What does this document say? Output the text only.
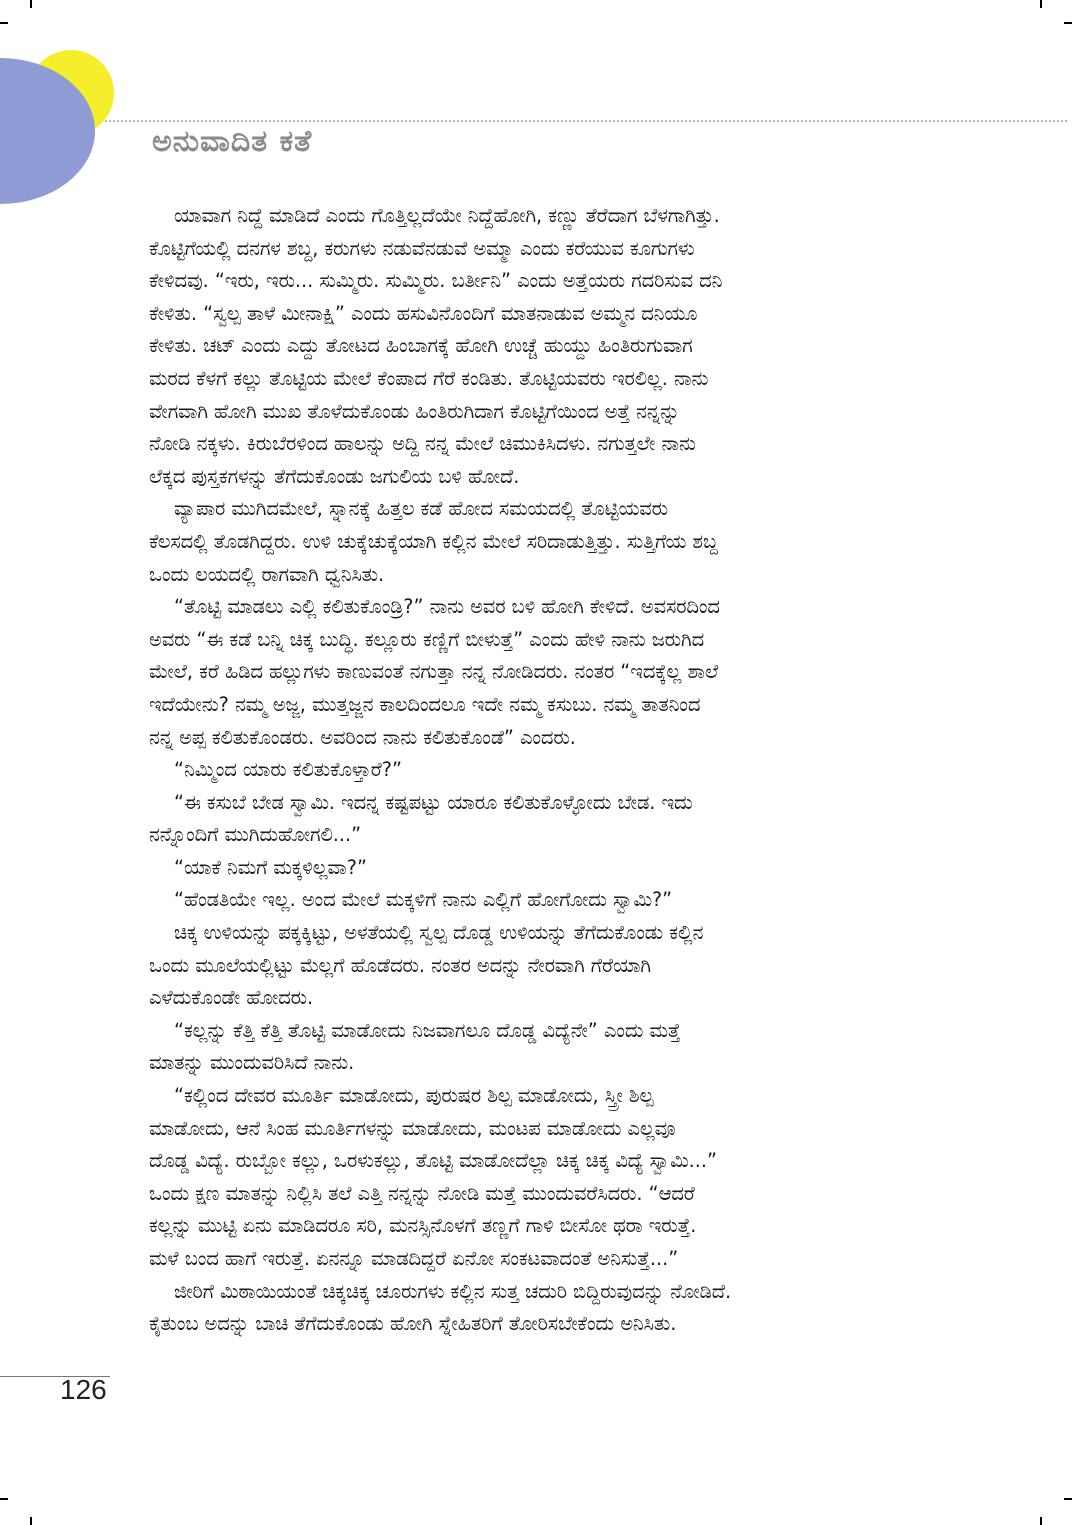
ಅನುವಾದಿತ ಕತೆ
ಯಾವಾಗ ನಿದ್ದೆ ಮಾಡಿದೆ ಎಂದು ಗೊತ್ತಿಲ್ಲದೆಯೇ ನಿದ್ದೆಹೋಗಿ, ಕಣ್ಣು ತೆರೆದಾಗ ಬೆಳಗಾಗಿತ್ತು.
ಕೊಟ್ಟಿಗೆಯಲ್ಲಿ ದನಗಳ ಶಬ್ದ, ಕರುಗಳು ನಡುವೆನಡುವೆ ಅಮ್ಮಾ ಎಂದು ಕರೆಯುವ ಕೂಗುಗಳು
ಕೇಳಿದವು. “ಇರು, ಇರು... ಸುಮ್ಮಿರು. ಸುಮ್ಮಿರು. ಬರ್ತೀನಿ” ಎಂದು ಅತ್ತೆಯರು ಗದರಿಸುವ ದನಿ
ಕೇಳಿತು. “ಸ್ವಲ್ಪ ತಾಳೆ ಮೀನಾಕ್ಷಿ” ಎಂದು ಹಸುವಿನೊಂದಿಗೆ ಮಾತನಾಡುವ ಅಮ್ಮನ ದನಿಯೂ
ಕೇಳಿತು. ಚಟ್ ಎಂದು ಎದ್ದು ತೋಟದ ಹಿಂಬಾಗಕ್ಕೆ ಹೋಗಿ ಉಚ್ಚೆ ಹುಯ್ದು ಹಿಂತಿರುಗುವಾಗ
ಮರದ ಕೆಳಗೆ ಕಲ್ಲು ತೊಟ್ಟಿಯ ಮೇಲೆ ಕೆಂಪಾದ ಗೆರೆ ಕಂಡಿತು. ತೊಟ್ಟಿಯವರು ಇರಲಿಲ್ಲ. ನಾನು
ವೇಗವಾಗಿ ಹೋಗಿ ಮುಖ ತೊಳೆದುಕೊಂಡು ಹಿಂತಿರುಗಿದಾಗ ಕೊಟ್ಟಿಗೆಯಿಂದ ಅತ್ತೆ ನನ್ನನ್ನು
ನೋಡಿ ನಕ್ಕಳು. ಕಿರುಬೆರಳಿಂದ ಹಾಲನ್ನು ಅದ್ದಿ ನನ್ನ ಮೇಲೆ ಚಿಮುಕಿಸಿದಳು. ನಗುತ್ತಲೇ ನಾನು
ಲೆಕ್ಕದ ಪುಸ್ತಕಗಳನ್ನು ತೆಗೆದುಕೊಂಡು ಜಗುಲಿಯ ಬಳಿ ಹೋದೆ.
ವ್ಯಾಪಾರ ಮುಗಿದಮೇಲೆ, ಸ್ನಾನಕ್ಕೆ ಹಿತ್ತಲ ಕಡೆ ಹೋದ ಸಮಯದಲ್ಲಿ ತೊಟ್ಟಿಯವರು
ಕೆಲಸದಲ್ಲಿ ತೊಡಗಿದ್ದರು. ಉಳಿ ಚುಕ್ಕೆಚುಕ್ಕೆಯಾಗಿ ಕಲ್ಲಿನ ಮೇಲೆ ಸರಿದಾಡುತ್ತಿತ್ತು. ಸುತ್ತಿಗೆಯ ಶಬ್ದ
ಒಂದು ಲಯದಲ್ಲಿ ರಾಗವಾಗಿ ಧ್ವನಿಸಿತು.
“ತೊಟ್ಟಿ ಮಾಡಲು ಎಲ್ಲಿ ಕಲಿತುಕೊಂಡ್ರಿ?” ನಾನು ಅವರ ಬಳಿ ಹೋಗಿ ಕೇಳಿದೆ. ಅವಸರದಿಂದ
ಅವರು “ಈ ಕಡೆ ಬನ್ನಿ ಚಿಕ್ಕ ಬುದ್ಧಿ. ಕಲ್ಲೂರು ಕಣ್ಣಿಗೆ ಬೀಳುತ್ತೆ” ಎಂದು ಹೇಳಿ ನಾನು ಜರುಗಿದ
ಮೇಲೆ, ಕರೆ ಹಿಡಿದ ಹಲ್ಲುಗಳು ಕಾಣುವಂತೆ ನಗುತ್ತಾ ನನ್ನ ನೋಡಿದರು. ನಂತರ “ಇದಕ್ಕೆಲ್ಲ ಶಾಲೆ
ಇದೆಯೇನು? ನಮ್ಮ ಅಜ್ಜ, ಮುತ್ತಜ್ಜನ ಕಾಲದಿಂದಲೂ ಇದೇ ನಮ್ಮ ಕಸುಬು. ನಮ್ಮ ತಾತನಿಂದ
ನನ್ನ ಅಪ್ಪ ಕಲಿತುಕೊಂಡರು. ಅವರಿಂದ ನಾನು ಕಲಿತುಕೊಂಡೆ” ಎಂದರು.
“ನಿಮ್ಮಿಂದ ಯಾರು ಕಲಿತುಕೊಳ್ತಾರೆ?”
“ಈ ಕಸುಬೆ ಬೇಡ ಸ್ವಾಮಿ. ಇದನ್ನ ಕಷ್ಟಪಟ್ಟು ಯಾರೂ ಕಲಿತುಕೊಳ್ಳೋದು ಬೇಡ. ಇದು
ನನ್ನೊಂದಿಗೆ ಮುಗಿದುಹೋಗಲಿ...”
“ಯಾಕೆ ನಿಮಗೆ ಮಕ್ಕಳಿಲ್ಲವಾ?”
“ಹೆಂಡತಿಯೇ ಇಲ್ಲ. ಅಂದ ಮೇಲೆ ಮಕ್ಕಳಿಗೆ ನಾನು ಎಲ್ಲಿಗೆ ಹೋಗೋದು ಸ್ವಾಮಿ?”
ಚಿಕ್ಕ ಉಳಿಯನ್ನು ಪಕ್ಕಕ್ಕಿಟ್ಟು, ಅಳತೆಯಲ್ಲಿ ಸ್ವಲ್ಪ ದೊಡ್ಡ ಉಳಿಯನ್ನು ತೆಗೆದುಕೊಂಡು ಕಲ್ಲಿನ
ಒಂದು ಮೂಲೆಯಲ್ಲಿಟ್ಟು ಮೆಲ್ಲಗೆ ಹೊಡೆದರು. ನಂತರ ಅದನ್ನು ನೇರವಾಗಿ ಗೆರೆಯಾಗಿ
ಎಳೆದುಕೊಂಡೇ ಹೋದರು.
“ಕಲ್ಲನ್ನು ಕೆತ್ತಿ ಕೆತ್ತಿ ತೊಟ್ಟಿ ಮಾಡೋದು ನಿಜವಾಗಲೂ ದೊಡ್ಡ ವಿದ್ಯೆನೇ” ಎಂದು ಮತ್ತೆ
ಮಾತನ್ನು ಮುಂದುವರಿಸಿದೆ ನಾನು.
“ಕಲ್ಲಿಂದ ದೇವರ ಮೂರ್ತಿ ಮಾಡೋದು, ಪುರುಷರ ಶಿಲ್ಪ ಮಾಡೋದು, ಸ್ತ್ರೀ ಶಿಲ್ಪ
ಮಾಡೋದು, ಆನೆ ಸಿಂಹ ಮೂರ್ತಿಗಳನ್ನು ಮಾಡೋದು, ಮಂಟಪ ಮಾಡೋದು ಎಲ್ಲವೂ
ದೊಡ್ಡ ವಿದ್ಯೆ. ರುಬ್ಬೋ ಕಲ್ಲು, ಒರಳುಕಲ್ಲು, ತೊಟ್ಟಿ ಮಾಡೋದೆಲ್ಲಾ ಚಿಕ್ಕ ಚಿಕ್ಕ ವಿದ್ಯೆ ಸ್ವಾಮಿ...”
ಒಂದು ಕ್ಷಣ ಮಾತನ್ನು ನಿಲ್ಲಿಸಿ ತಲೆ ಎತ್ತಿ ನನ್ನನ್ನು ನೋಡಿ ಮತ್ತೆ ಮುಂದುವರೆಸಿದರು. “ಆದರೆ
ಕಲ್ಲನ್ನು ಮುಟ್ಟಿ ಏನು ಮಾಡಿದರೂ ಸರಿ, ಮನಸ್ಸಿನೊಳಗೆ ತಣ್ಣಗೆ ಗಾಳಿ ಬೀಸೋ ಥರಾ ಇರುತ್ತೆ.
ಮಳೆ ಬಂದ ಹಾಗೆ ಇರುತ್ತೆ. ಏನನ್ನೂ ಮಾಡದಿದ್ದರೆ ಏನೋ ಸಂಕಟವಾದಂತೆ ಅನಿಸುತ್ತೆ...”
ಜೀರಿಗೆ ಮಿಠಾಯಿಯಂತೆ ಚಿಕ್ಕಚಿಕ್ಕ ಚೂರುಗಳು ಕಲ್ಲಿನ ಸುತ್ತ ಚದುರಿ ಬಿದ್ದಿರುವುದನ್ನು ನೋಡಿದೆ.
ಕೈತುಂಬ ಅದನ್ನು ಬಾಚಿ ತೆಗೆದುಕೊಂಡು ಹೋಗಿ ಸ್ನೇಹಿತರಿಗೆ ತೋರಿಸಬೇಕೆಂದು ಅನಿಸಿತು.
126
